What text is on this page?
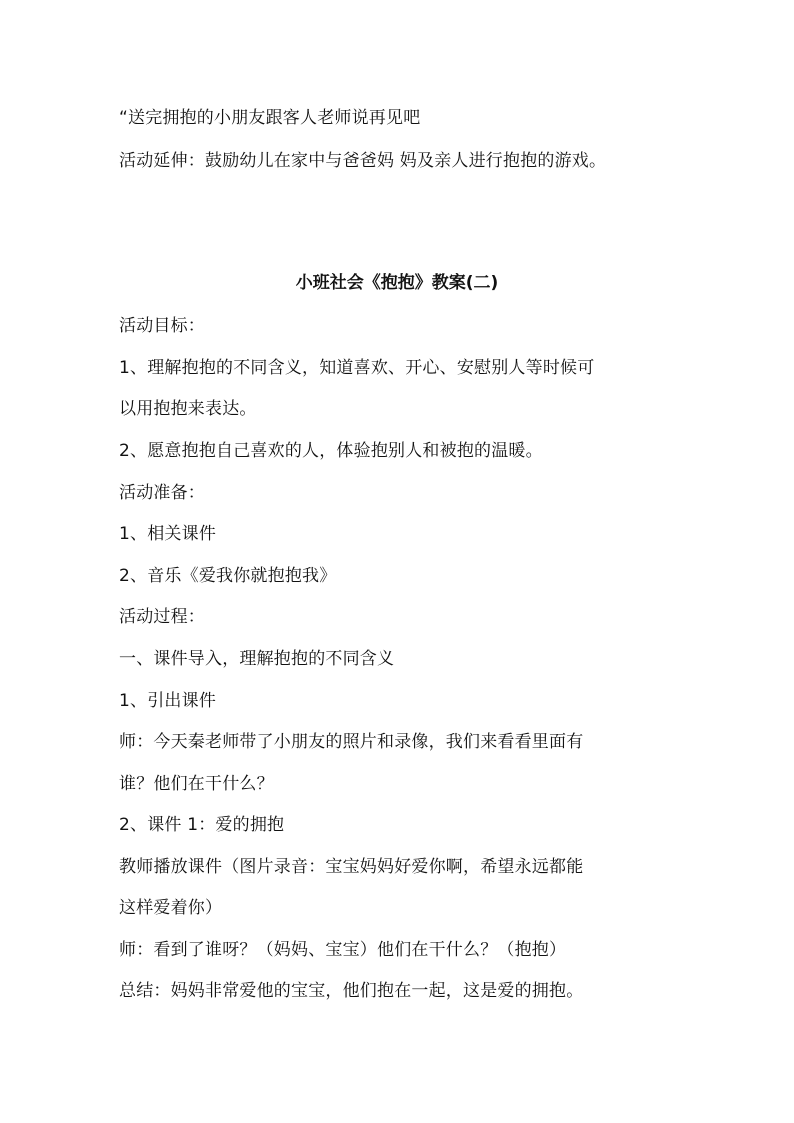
“送完拥抱的小朋友跟客人老师说再见吧
活动延伸：鼓励幼儿在家中与爸爸妈 妈及亲人进行抱抱的游戏。
小班社会《抱抱》教案(二)
活动目标：
1、理解抱抱的不同含义，知道喜欢、开心、安慰别人等时候可
以用抱抱来表达。
2、愿意抱抱自己喜欢的人，体验抱别人和被抱的温暖。
活动准备：
1、相关课件
2、音乐《爱我你就抱抱我》
活动过程：
一、课件导入，理解抱抱的不同含义
1、引出课件
师：今天秦老师带了小朋友的照片和录像，我们来看看里面有
谁？他们在干什么？
2、课件 1：爱的拥抱
教师播放课件（图片录音：宝宝妈妈好爱你啊，希望永远都能
这样爱着你）
师：看到了谁呀？（妈妈、宝宝）他们在干什么？（抱抱）
总结：妈妈非常爱他的宝宝，他们抱在一起，这是爱的拥抱。
